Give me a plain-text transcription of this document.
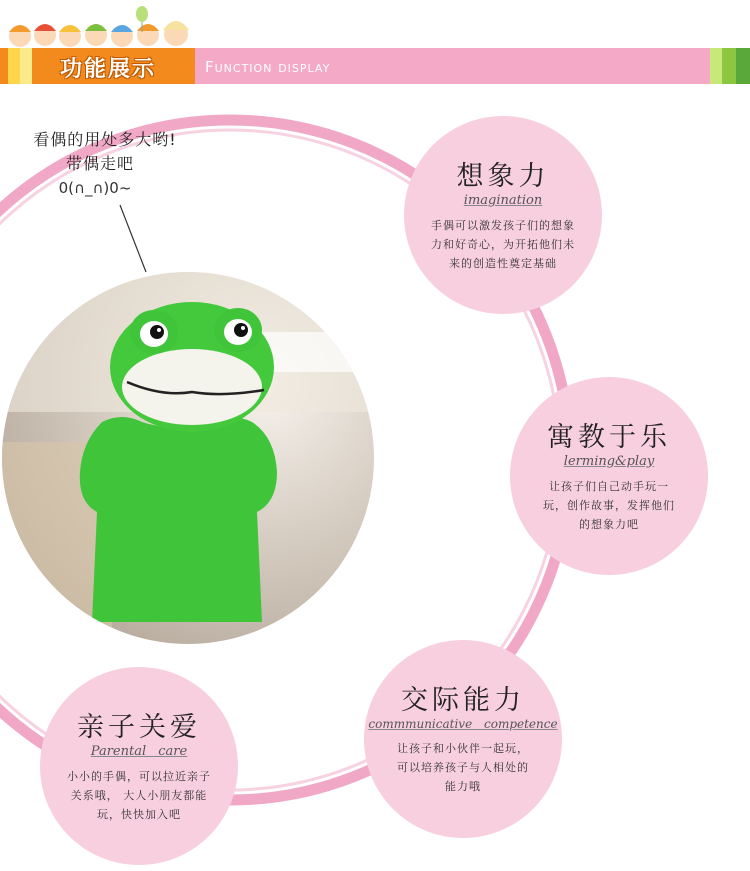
功能展示	Function display
看偶的用处多大哟!
带偶走吧
0(∩_∩)0~	想象力
imagination
手偶可以激发孩子们的想象
力和好奇心，为开拓他们未
来的创造性奠定基础
寓教于乐
lerming&play
让孩子们自己动手玩一
玩，创作故事，发挥他们
的想象力吧
交际能力
commmunicative competence
让孩子和小伙伴一起玩，
可以培养孩子与人相处的
能力哦
亲子关爱
Parental care
小小的手偶，可以拉近亲子
关系哦， 大人小朋友都能
玩，快快加入吧
